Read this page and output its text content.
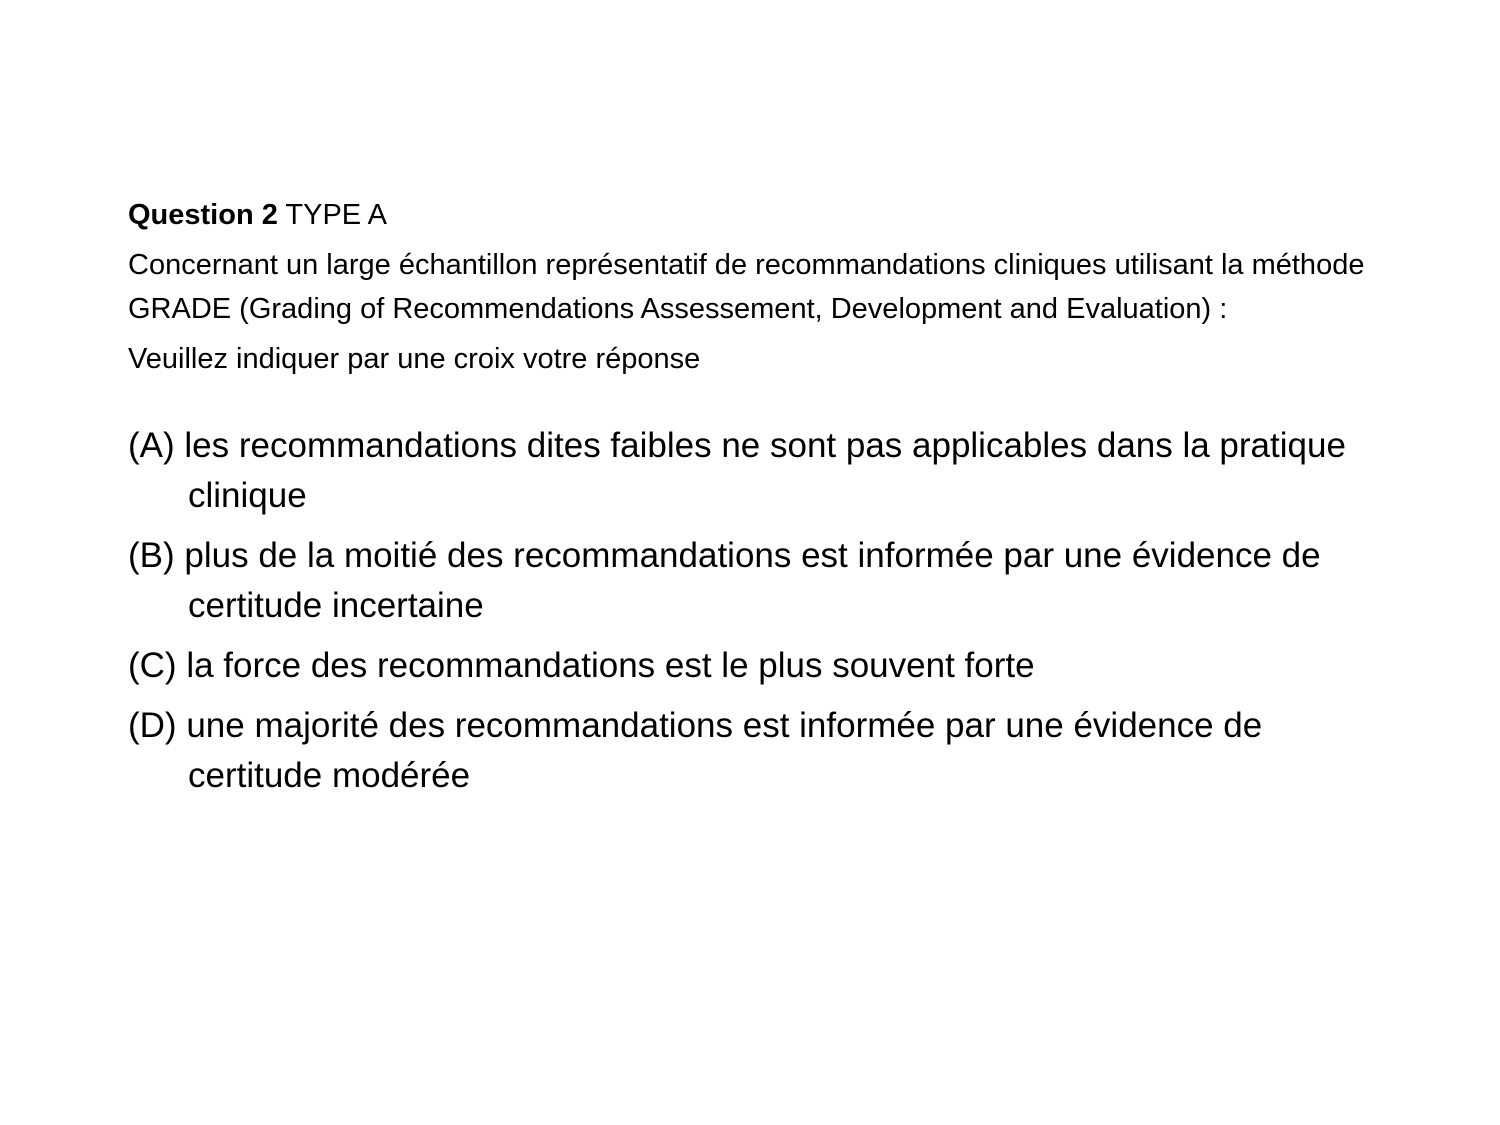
Question 2 TYPE A
Concernant un large échantillon représentatif de recommandations cliniques utilisant la méthode GRADE (Grading of Recommendations Assessement, Development and Evaluation) :
Veuillez indiquer par une croix votre réponse
(A) les recommandations dites faibles ne sont pas applicables dans la pratique clinique
(B) plus de la moitié des recommandations est informée par une évidence de certitude incertaine
(C) la force des recommandations est le plus souvent forte
(D) une majorité des recommandations est informée par une évidence de certitude modérée
